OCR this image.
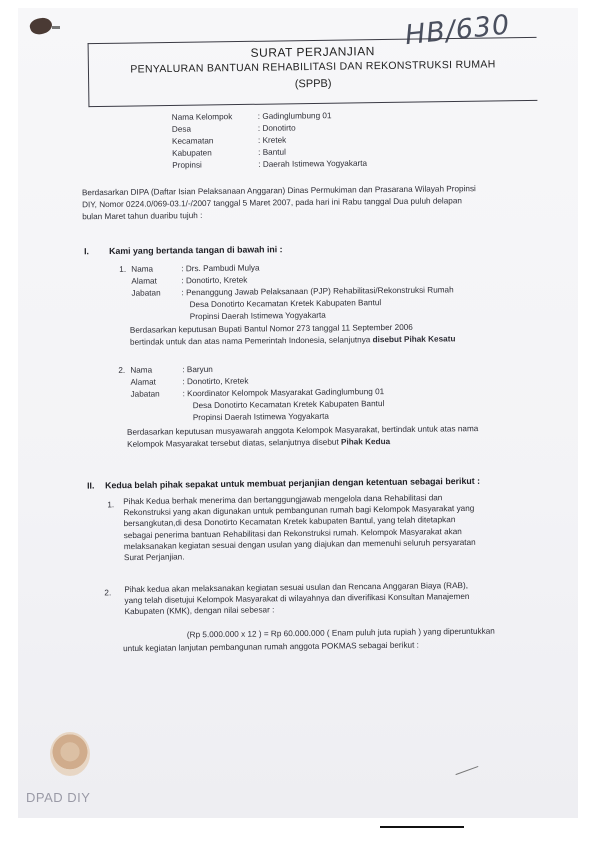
HB/630
SURAT PERJANJIAN
PENYALURAN BANTUAN REHABILITASI DAN REKONSTRUKSI RUMAH
(SPPB)
Nama Kelompok	: Gadinglumbung 01
Desa	: Donotirto
Kecamatan	: Kretek
Kabupaten	: Bantul
Propinsi	: Daerah Istimewa Yogyakarta
Berdasarkan DIPA (Daftar Isian Pelaksanaan Anggaran) Dinas Permukiman dan Prasarana Wilayah Propinsi
DIY, Nomor 0224.0/069-03.1/-/2007 tanggal 5 Maret 2007, pada hari ini Rabu tanggal Dua puluh delapan
bulan Maret tahun duaribu tujuh :
I. Kami yang bertanda tangan di bawah ini :
1. Nama	: Drs. Pambudi Mulya
Alamat	: Donotirto, Kretek
Jabatan	: Penanggung Jawab Pelaksanaan (PJP) Rehabilitasi/Rekonstruksi Rumah
Desa Donotirto Kecamatan Kretek Kabupaten Bantul
Propinsi Daerah Istimewa Yogyakarta
Berdasarkan keputusan Bupati Bantul Nomor 273 tanggal 11 September 2006
bertindak untuk dan atas nama Pemerintah Indonesia, selanjutnya disebut Pihak Kesatu
2. Nama	: Baryun
Alamat	: Donotirto, Kretek
Jabatan	: Koordinator Kelompok Masyarakat Gadinglumbung 01
Desa Donotirto Kecamatan Kretek Kabupaten Bantul
Propinsi Daerah Istimewa Yogyakarta
Berdasarkan keputusan musyawarah anggota Kelompok Masyarakat, bertindak untuk atas nama
Kelompok Masyarakat tersebut diatas, selanjutnya disebut Pihak Kedua
II. Kedua belah pihak sepakat untuk membuat perjanjian dengan ketentuan sebagai berikut :
1. Pihak Kedua berhak menerima dan bertanggungjawab mengelola dana Rehabilitasi dan
Rekonstruksi yang akan digunakan untuk pembangunan rumah bagi Kelompok Masyarakat yang
bersangkutan,di desa Donotirto Kecamatan Kretek kabupaten Bantul, yang telah ditetapkan
sebagai penerima bantuan Rehabilitasi dan Rekonstruksi rumah. Kelompok Masyarakat akan
melaksanakan kegiatan sesuai dengan usulan yang diajukan dan memenuhi seluruh persyaratan
Surat Perjanjian.
2. Pihak kedua akan melaksanakan kegiatan sesuai usulan dan Rencana Anggaran Biaya (RAB),
yang telah disetujui Kelompok Masyarakat di wilayahnya dan diverifikasi Konsultan Manajemen
Kabupaten (KMK), dengan nilai sebesar :
(Rp 5.000.000 x 12 ) = Rp 60.000.000 ( Enam puluh juta rupiah ) yang diperuntukkan
untuk kegiatan lanjutan pembangunan rumah anggota POKMAS sebagai berikut :
DPAD DIY
